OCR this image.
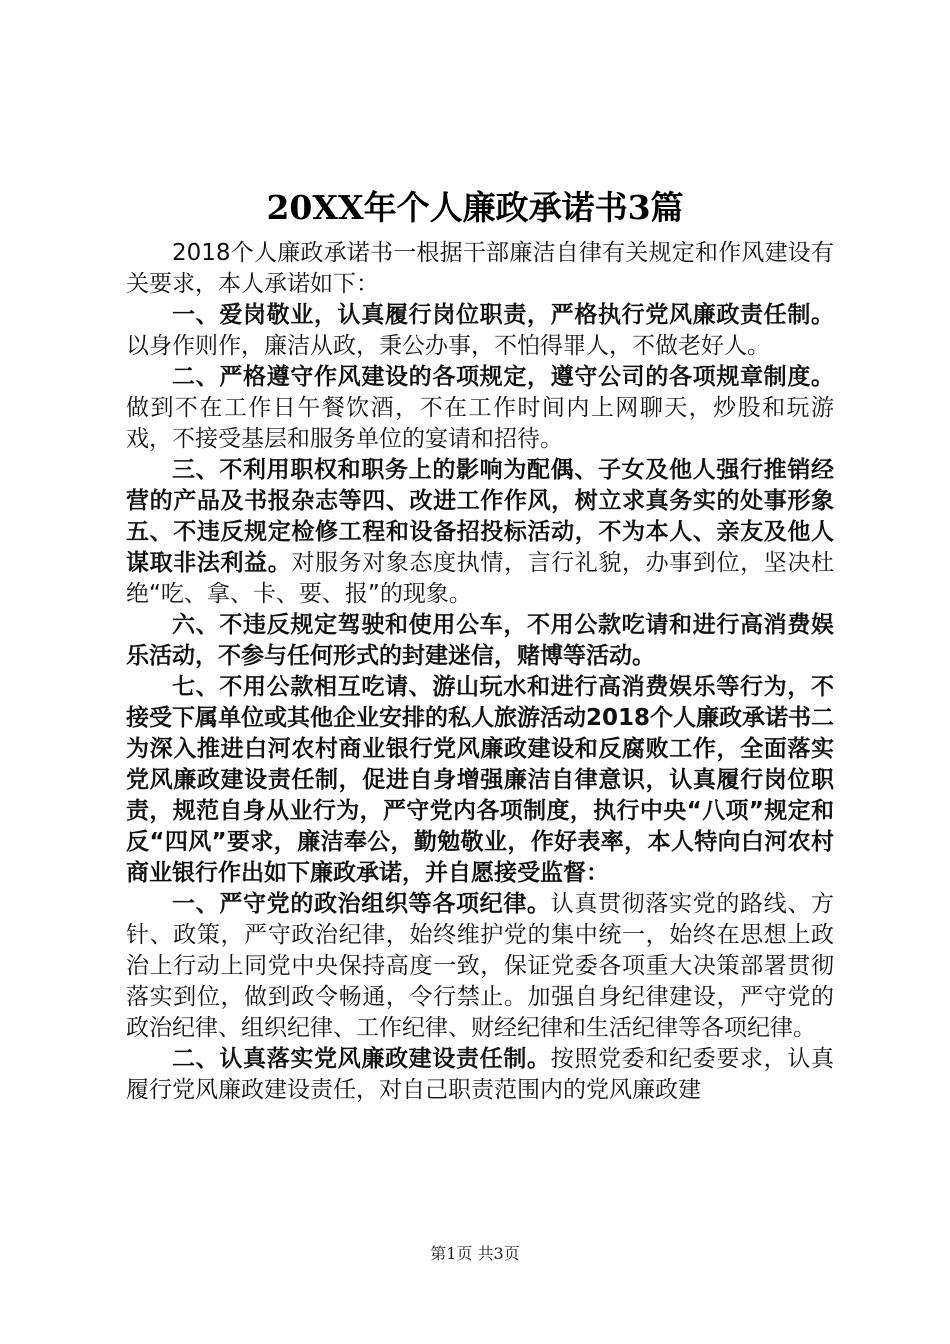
20XX年个人廉政承诺书3篇

2018个人廉政承诺书一根据干部廉洁自律有关规定和作风建设有关要求，本人承诺如下：

一、爱岗敬业，认真履行岗位职责，严格执行党风廉政责任制。以身作则作，廉洁从政，秉公办事，不怕得罪人，不做老好人。

二、严格遵守作风建设的各项规定，遵守公司的各项规章制度。做到不在工作日午餐饮酒，不在工作时间内上网聊天，炒股和玩游戏，不接受基层和服务单位的宴请和招待。

三、不利用职权和职务上的影响为配偶、子女及他人强行推销经营的产品及书报杂志等四、改进工作作风，树立求真务实的处事形象五、不违反规定检修工程和设备招投标活动，不为本人、亲友及他人谋取非法利益。对服务对象态度执情，言行礼貌，办事到位，坚决杜绝“吃、拿、卡、要、报”的现象。

六、不违反规定驾驶和使用公车，不用公款吃请和进行高消费娱乐活动，不参与任何形式的封建迷信，赌博等活动。

七、不用公款相互吃请、游山玩水和进行高消费娱乐等行为，不接受下属单位或其他企业安排的私人旅游活动2018个人廉政承诺书二为深入推进白河农村商业银行党风廉政建设和反腐败工作，全面落实党风廉政建设责任制，促进自身增强廉洁自律意识，认真履行岗位职责，规范自身从业行为，严守党内各项制度，执行中央“八项”规定和反“四风”要求，廉洁奉公，勤勉敬业，作好表率，本人特向白河农村商业银行作出如下廉政承诺，并自愿接受监督：

一、严守党的政治组织等各项纪律。认真贯彻落实党的路线、方针、政策，严守政治纪律，始终维护党的集中统一，始终在思想上政治上行动上同党中央保持高度一致，保证党委各项重大决策部署贯彻落实到位，做到政令畅通，令行禁止。加强自身纪律建设，严守党的政治纪律、组织纪律、工作纪律、财经纪律和生活纪律等各项纪律。

二、认真落实党风廉政建设责任制。按照党委和纪委要求，认真履行党风廉政建设责任，对自己职责范围内的党风廉政建

第1页 共3页
